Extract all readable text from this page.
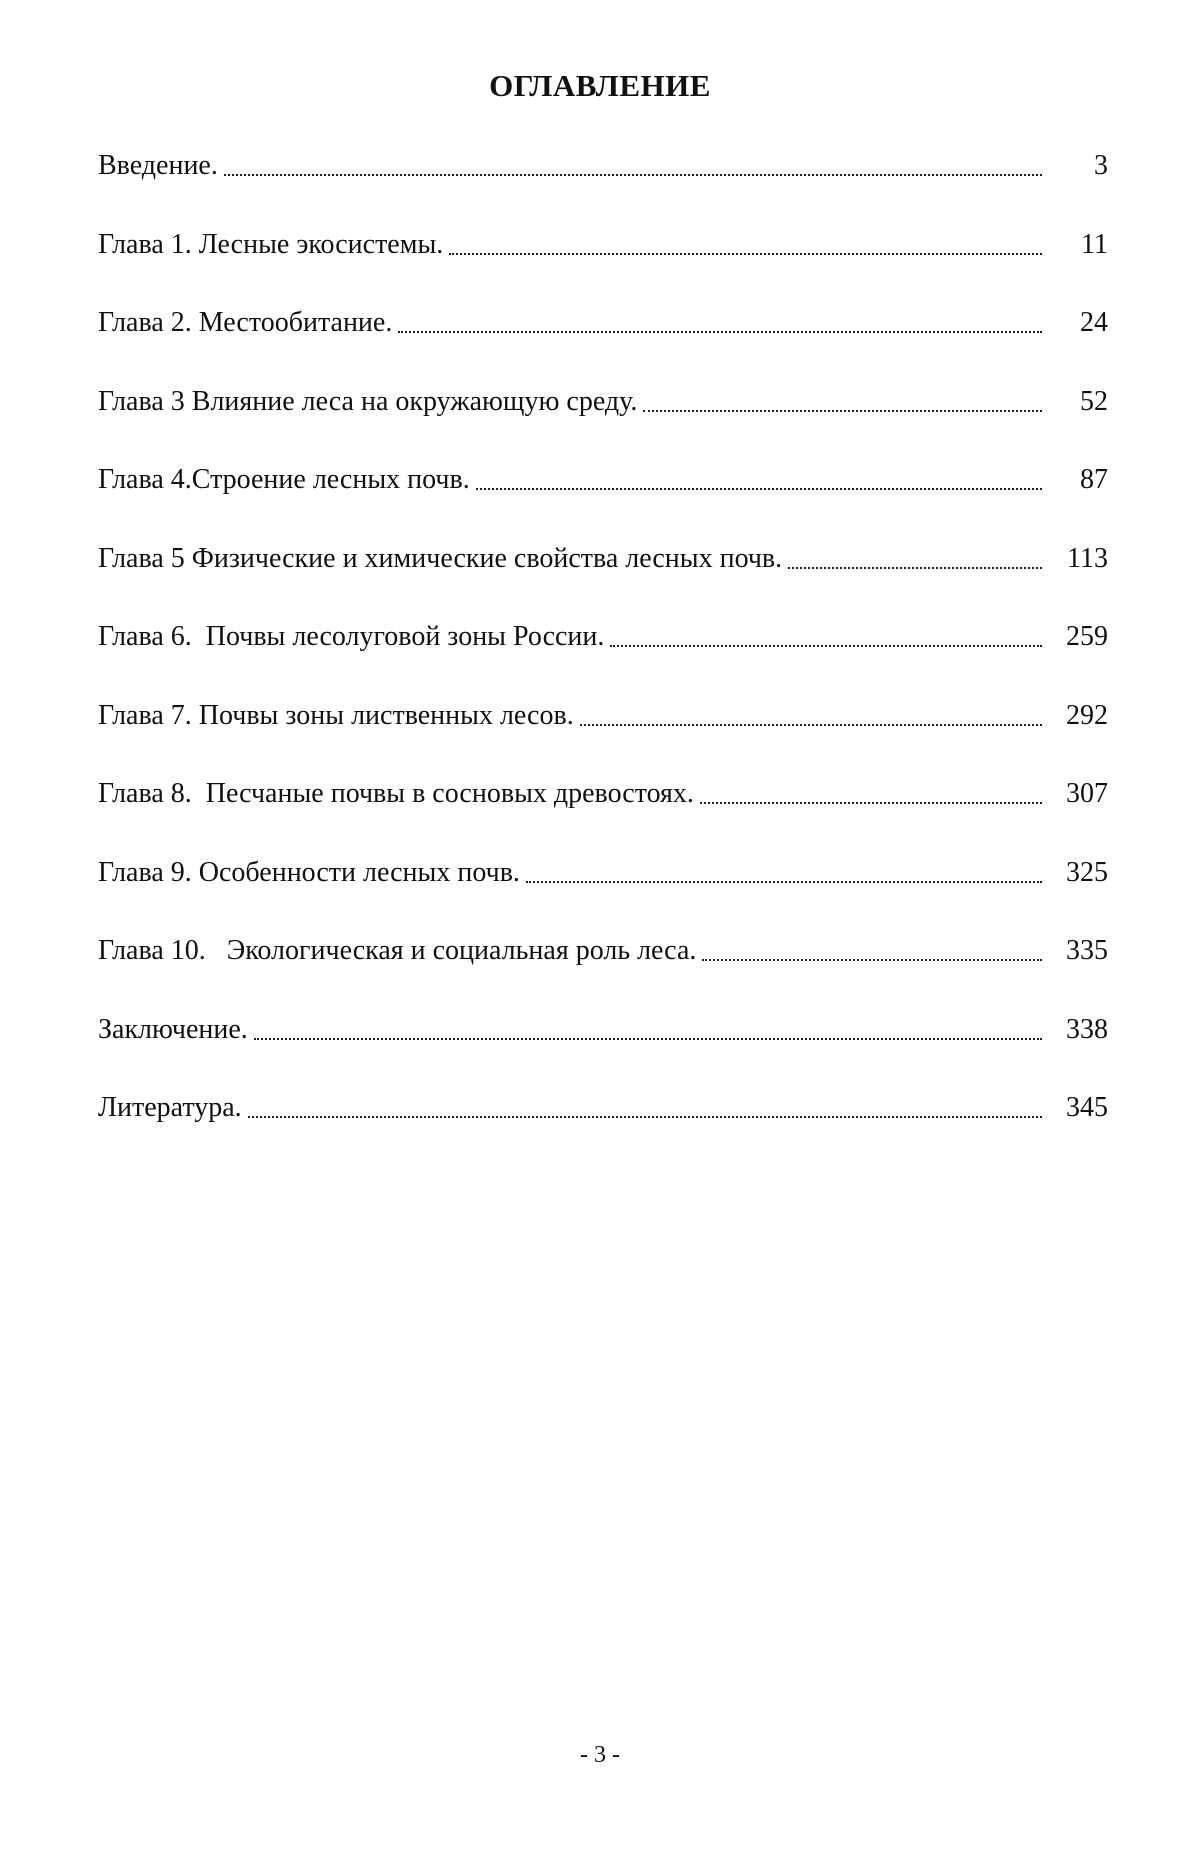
ОГЛАВЛЕНИЕ
Введение.	3
Глава 1. Лесные экосистемы.	11
Глава 2. Местообитание.	24
Глава 3 Влияние леса на окружающую среду.	52
Глава 4.Строение лесных почв.	87
Глава 5 Физические и химические свойства лесных почв.	113
Глава 6.  Почвы лесолуговой зоны России.	259
Глава 7. Почвы зоны лиственных лесов.	292
Глава 8.  Песчаные почвы в сосновых древостоях.	307
Глава 9. Особенности лесных почв.	325
Глава 10.   Экологическая и социальная роль леса.	335
Заключение.	338
Литература.	345
- 3 -
